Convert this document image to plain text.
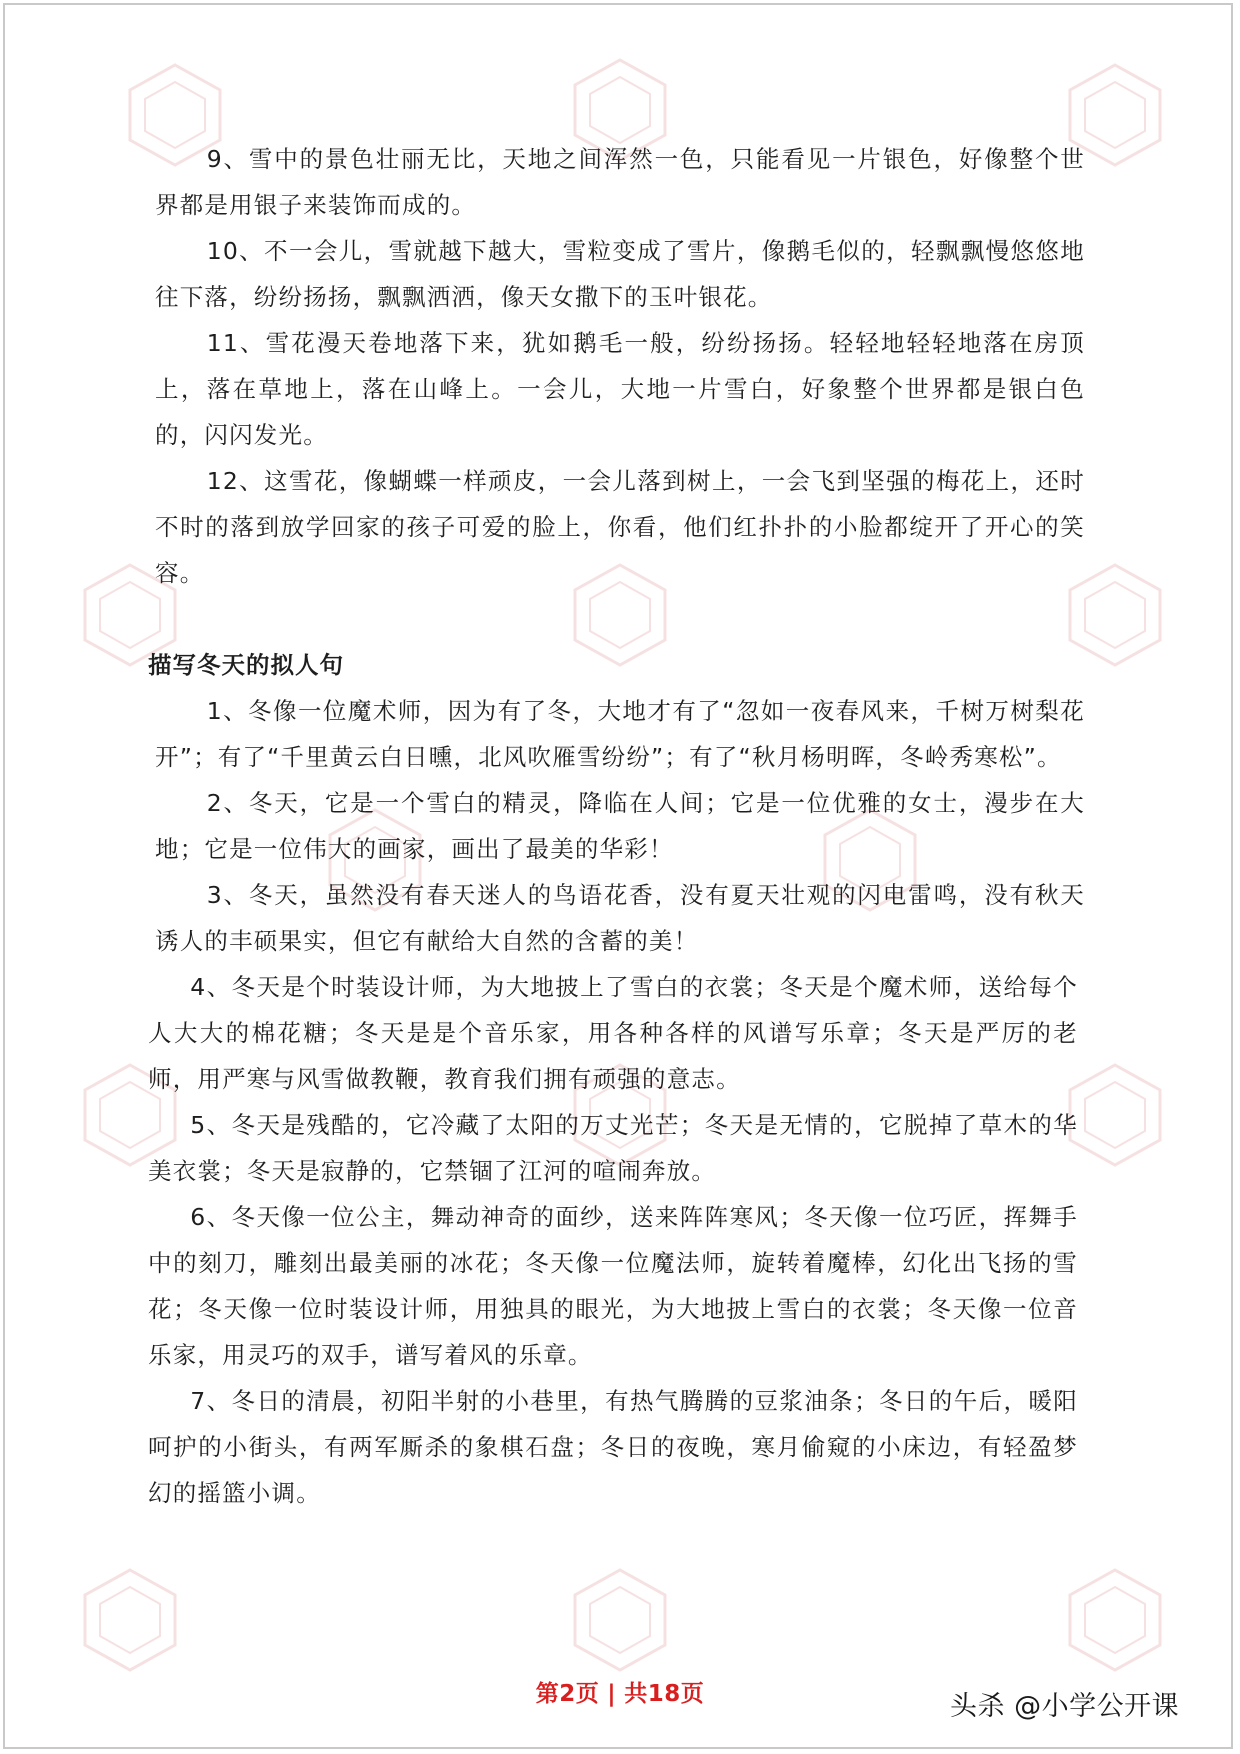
9、雪中的景色壮丽无比，天地之间浑然一色，只能看见一片银色，好像整个世界都是用银子来装饰而成的。

10、不一会儿，雪就越下越大，雪粒变成了雪片，像鹅毛似的，轻飘飘慢悠悠地往下落，纷纷扬扬，飘飘洒洒，像天女撒下的玉叶银花。

11、雪花漫天卷地落下来，犹如鹅毛一般，纷纷扬扬。轻轻地轻轻地落在房顶上，落在草地上，落在山峰上。一会儿，大地一片雪白，好象整个世界都是银白色的，闪闪发光。

12、这雪花，像蝴蝶一样顽皮，一会儿落到树上，一会飞到坚强的梅花上，还时不时的落到放学回家的孩子可爱的脸上，你看，他们红扑扑的小脸都绽开了开心的笑容。

描写冬天的拟人句

1、冬像一位魔术师，因为有了冬，大地才有了“忽如一夜春风来，千树万树梨花开”；有了“千里黄云白日曛，北风吹雁雪纷纷”；有了“秋月杨明晖，冬岭秀寒松”。

2、冬天，它是一个雪白的精灵，降临在人间；它是一位优雅的女士，漫步在大地；它是一位伟大的画家，画出了最美的华彩！

3、冬天，虽然没有春天迷人的鸟语花香，没有夏天壮观的闪电雷鸣，没有秋天诱人的丰硕果实，但它有献给大自然的含蓄的美！

4、冬天是个时装设计师，为大地披上了雪白的衣裳；冬天是个魔术师，送给每个人大大的棉花糖；冬天是是个音乐家，用各种各样的风谱写乐章；冬天是严厉的老师，用严寒与风雪做教鞭，教育我们拥有顽强的意志。

5、冬天是残酷的，它冷藏了太阳的万丈光芒；冬天是无情的，它脱掉了草木的华美衣裳；冬天是寂静的，它禁锢了江河的喧闹奔放。

6、冬天像一位公主，舞动神奇的面纱，送来阵阵寒风；冬天像一位巧匠，挥舞手中的刻刀，雕刻出最美丽的冰花；冬天像一位魔法师，旋转着魔棒，幻化出飞扬的雪花；冬天像一位时装设计师，用独具的眼光，为大地披上雪白的衣裳；冬天像一位音乐家，用灵巧的双手，谱写着风的乐章。

7、冬日的清晨，初阳半射的小巷里，有热气腾腾的豆浆油条；冬日的午后，暖阳呵护的小街头，有两军厮杀的象棋石盘；冬日的夜晚，寒月偷窥的小床边，有轻盈梦幻的摇篮小调。

第2页 | 共18页	头杀 @小学公开课
